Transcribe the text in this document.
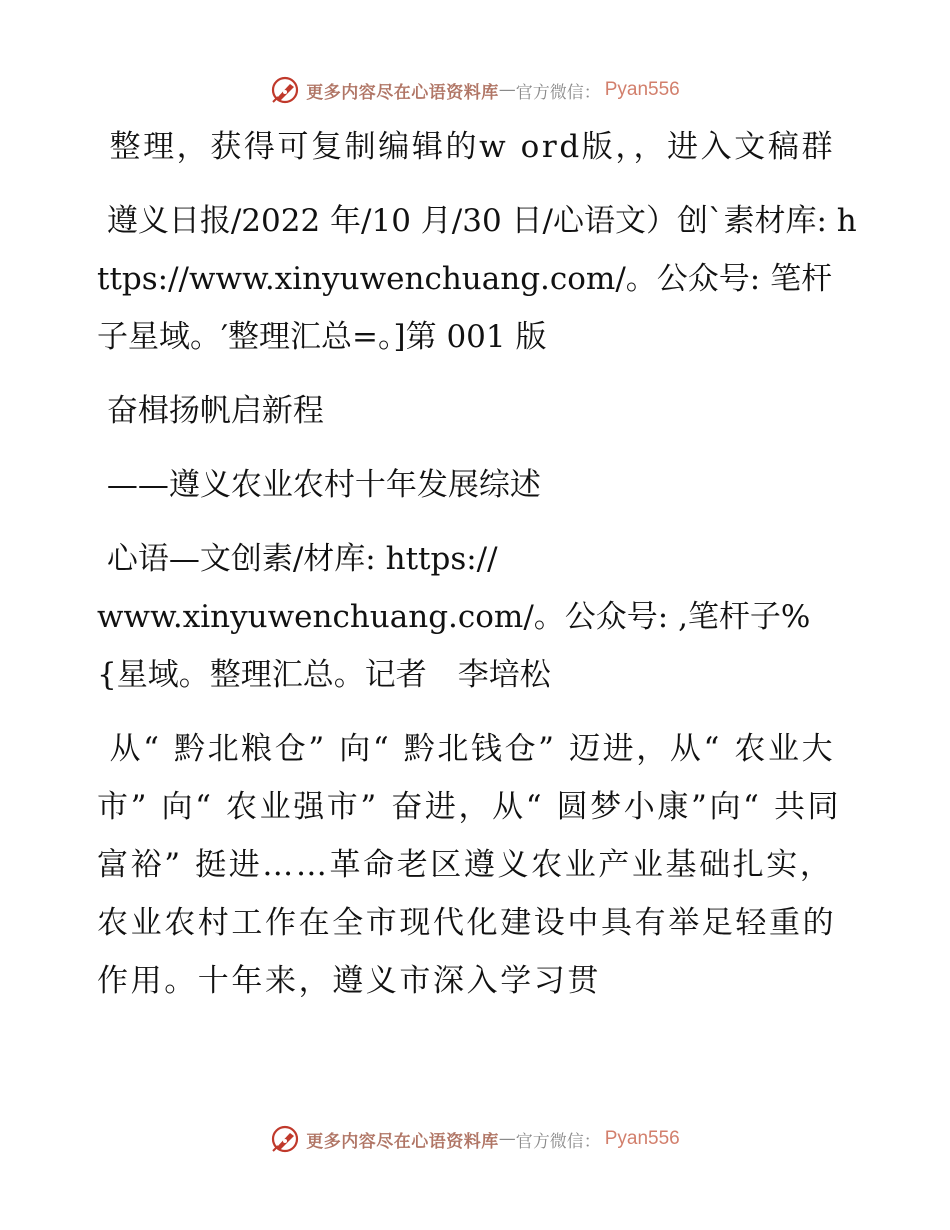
更多内容尽在心语资料库 — 官方微信： Pyan556

整理，获得可复制编辑的w ord版，，进入文稿群

遵义日报/2022 年/10 月/30 日/心语文）创`素材库: https://www.xinyuwenchuang.com/。公众号: 笔杆子星域。′整理汇总=。]第 001 版

奋楫扬帆启新程

——遵义农业农村十年发展综述

心语—文创素/材库: https://
www.xinyuwenchuang.com/。公众号: ,笔杆子%{星域。整理汇总。记者　李培松

从“ 黔北粮仓” 向“ 黔北钱仓” 迈进，从“ 农业大市” 向“ 农业强市” 奋进，从“ 圆梦小康”向“ 共同富裕” 挺进……革命老区遵义农业产业基础扎实，农业农村工作在全市现代化建设中具有举足轻重的作用。十年来，遵义市深入学习贯

更多内容尽在心语资料库 — 官方微信： Pyan556
